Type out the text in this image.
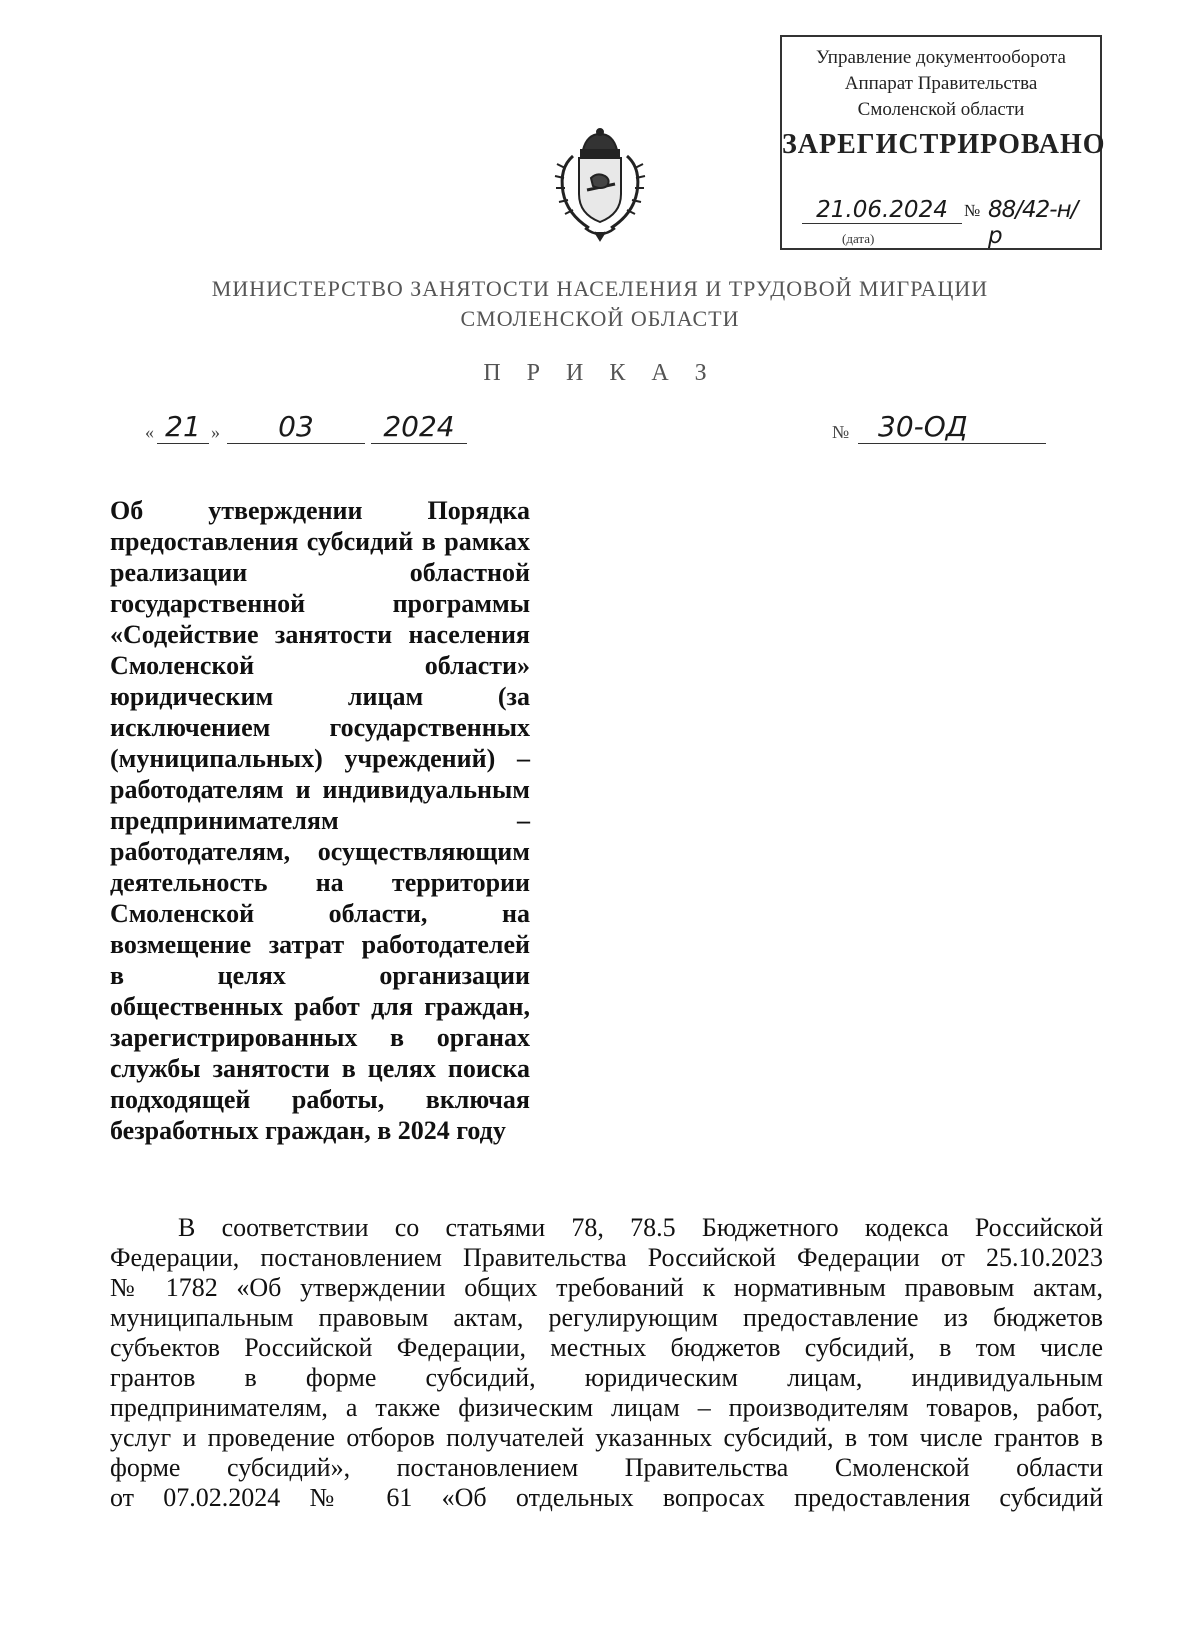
Управление документооборота
Аппарат Правительства
Смоленской области
ЗАРЕГИСТРИРОВАНО
21.06.2024 № 88/42-н/р
(дата)
МИНИСТЕРСТВО ЗАНЯТОСТИ НАСЕЛЕНИЯ И ТРУДОВОЙ МИГРАЦИИ
СМОЛЕНСКОЙ ОБЛАСТИ
П Р И К А З
« 21 »	03	2024	№	30-ОД
Об утверждении Порядка
предоставления субсидий в рамках
реализации областной
государственной программы
«Содействие занятости населения
Смоленской области»
юридическим лицам (за
исключением государственных
(муниципальных) учреждений) –
работодателям и индивидуальным
предпринимателям –
работодателям, осуществляющим
деятельность на территории
Смоленской области, на
возмещение затрат работодателей
в целях организации
общественных работ для граждан,
зарегистрированных в органах
службы занятости в целях поиска
подходящей работы, включая
безработных граждан, в 2024 году
В соответствии со статьями 78, 78.5 Бюджетного кодекса Российской
Федерации, постановлением Правительства Российской Федерации от 25.10.2023
№ 1782 «Об утверждении общих требований к нормативным правовым актам,
муниципальным правовым актам, регулирующим предоставление из бюджетов
субъектов Российской Федерации, местных бюджетов субсидий, в том числе
грантов в форме субсидий, юридическим лицам, индивидуальным
предпринимателям, а также физическим лицам – производителям товаров, работ,
услуг и проведение отборов получателей указанных субсидий, в том числе грантов в
форме субсидий», постановлением Правительства Смоленской области
от 07.02.2024 № 61 «Об отдельных вопросах предоставления субсидий
